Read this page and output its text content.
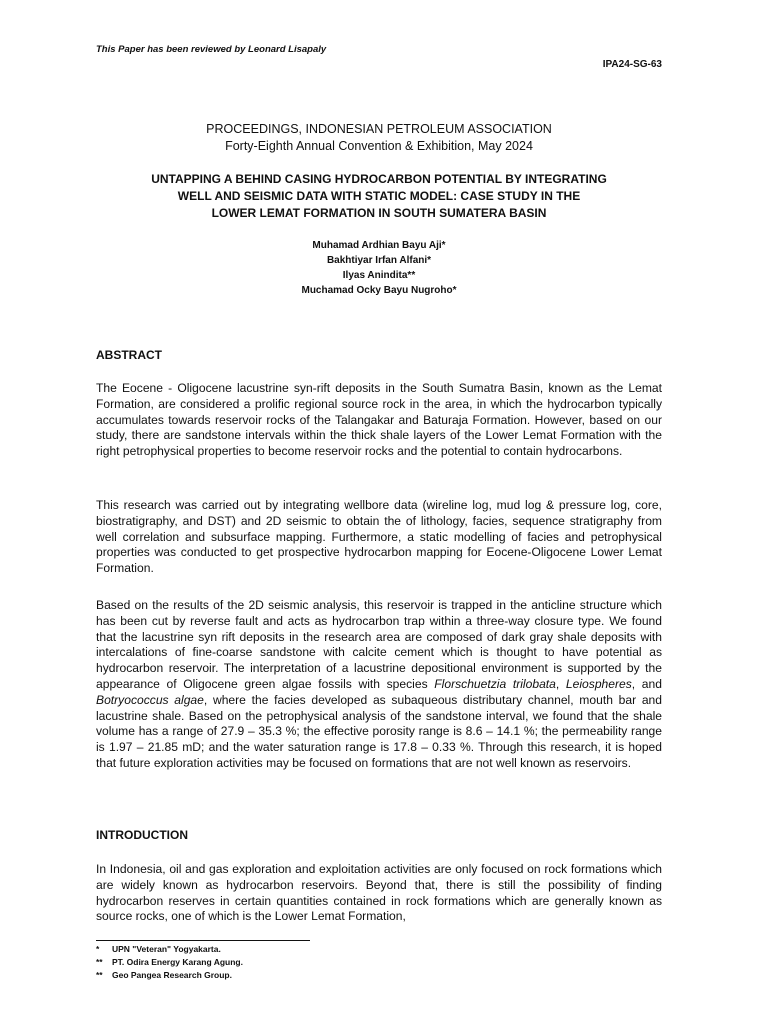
This Paper has been reviewed by Leonard Lisapaly
IPA24-SG-63
PROCEEDINGS, INDONESIAN PETROLEUM ASSOCIATION
Forty-Eighth Annual Convention & Exhibition, May 2024
UNTAPPING A BEHIND CASING HYDROCARBON POTENTIAL BY INTEGRATING
WELL AND SEISMIC DATA WITH STATIC MODEL: CASE STUDY IN THE
LOWER LEMAT FORMATION IN SOUTH SUMATERA BASIN
Muhamad Ardhian Bayu Aji*
Bakhtiyar Irfan Alfani*
Ilyas Anindita**
Muchamad Ocky Bayu Nugroho*
ABSTRACT

The Eocene - Oligocene lacustrine syn-rift deposits in the South Sumatra Basin, known as the Lemat Formation, are considered a prolific regional source rock in the area, in which the hydrocarbon typically accumulates towards reservoir rocks of the Talangakar and Baturaja Formation. However, based on our study, there are sandstone intervals within the thick shale layers of the Lower Lemat Formation with the right petrophysical properties to become reservoir rocks and the potential to contain hydrocarbons.

This research was carried out by integrating wellbore data (wireline log, mud log & pressure log, core, biostratigraphy, and DST) and 2D seismic to obtain the of lithology, facies, sequence stratigraphy from well correlation and subsurface mapping. Furthermore, a static modelling of facies and petrophysical properties was conducted to get prospective hydrocarbon mapping for Eocene-Oligocene Lower Lemat Formation.

Based on the results of the 2D seismic analysis, this reservoir is trapped in the anticline structure which has been cut by reverse fault and acts as hydrocarbon trap within a three-way closure type. We found that the lacustrine syn rift deposits in the research area are composed of dark gray shale deposits with intercalations of fine-coarse sandstone with calcite cement which is thought to have potential as hydrocarbon reservoir. The interpretation of a lacustrine depositional environment is supported by the appearance of Oligocene green algae fossils with species Florschuetzia trilobata, Leiospheres, and Botryococcus algae, where the facies developed as subaqueous distributary channel, mouth bar and lacustrine shale. Based on the petrophysical analysis of the sandstone interval, we found that the shale volume has a range of 27.9 – 35.3 %; the effective porosity range is 8.6 – 14.1 %; the permeability range is 1.97 – 21.85 mD; and the water saturation range is 17.8 – 0.33 %. Through this research, it is hoped that future exploration activities may be focused on formations that are not well known as reservoirs.

INTRODUCTION

In Indonesia, oil and gas exploration and exploitation activities are only focused on rock formations which are widely known as hydrocarbon reservoirs. Beyond that, there is still the possibility of finding hydrocarbon reserves in certain quantities contained in rock formations which are generally known as source rocks, one of which is the Lower Lemat Formation,

* UPN "Veteran" Yogyakarta.
** PT. Odira Energy Karang Agung.
** Geo Pangea Research Group.
